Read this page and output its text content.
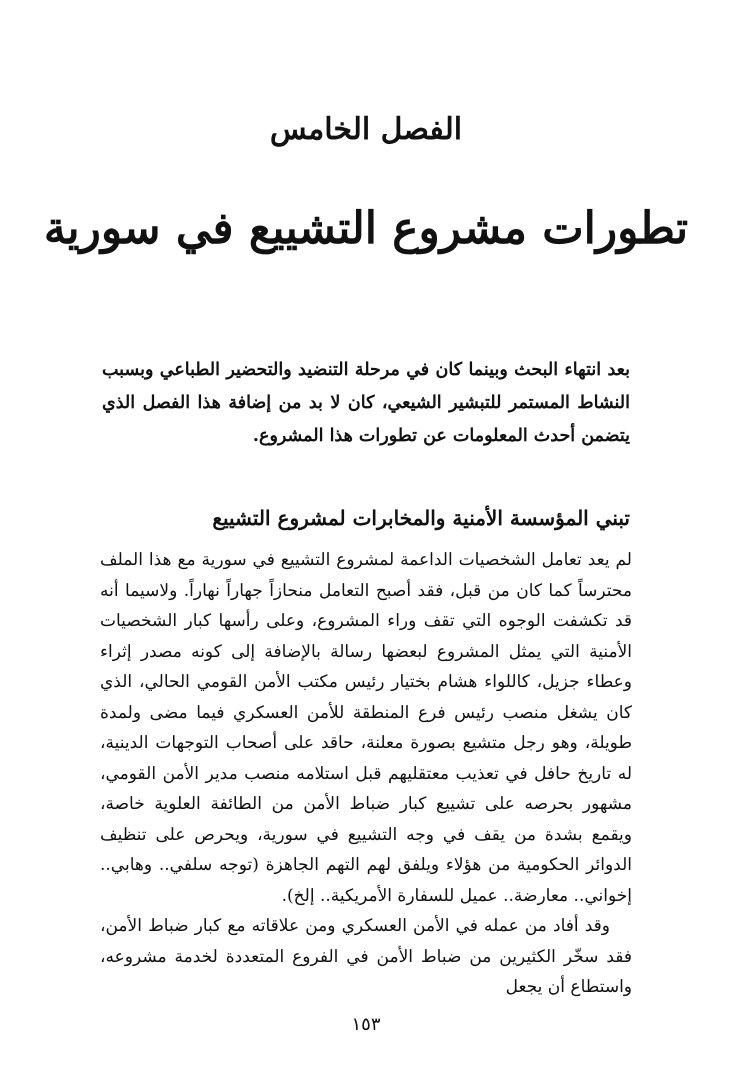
الفصل الخامس
تطورات مشروع التشييع في سورية
بعد انتهاء البحث وبينما كان في مرحلة التنضيد والتحضير الطباعي وبسبب النشاط المستمر للتبشير الشيعي، كان لا بد من إضافة هذا الفصل الذي يتضمن أحدث المعلومات عن تطورات هذا المشروع.
تبني المؤسسة الأمنية والمخابرات لمشروع التشييع

لم يعد تعامل الشخصيات الداعمة لمشروع التشييع في سورية مع هذا الملف محترساً كما كان من قبل، فقد أصبح التعامل منحازاً جهاراً نهاراً. ولاسيما أنه قد تكشفت الوجوه التي تقف وراء المشروع، وعلى رأسها كبار الشخصيات الأمنية التي يمثل المشروع لبعضها رسالة بالإضافة إلى كونه مصدر إثراء وعطاء جزيل، كاللواء هشام بختيار رئيس مكتب الأمن القومي الحالي، الذي كان يشغل منصب رئيس فرع المنطقة للأمن العسكري فيما مضى ولمدة طويلة، وهو رجل متشيع بصورة معلنة، حاقد على أصحاب التوجهات الدينية، له تاريخ حافل في تعذيب معتقليهم قبل استلامه منصب مدير الأمن القومي، مشهور بحرصه على تشييع كبار ضباط الأمن من الطائفة العلوية خاصة، ويقمع بشدة من يقف في وجه التشييع في سورية، ويحرص على تنظيف الدوائر الحكومية من هؤلاء ويلفق لهم التهم الجاهزة (توجه سلفي.. وهابي.. إخواني.. معارضة.. عميل للسفارة الأمريكية.. إلخ).

وقد أفاد من عمله في الأمن العسكري ومن علاقاته مع كبار ضباط الأمن، فقد سخّر الكثيرين من ضباط الأمن في الفروع المتعددة لخدمة مشروعه، واستطاع أن يجعل

١٥٣
